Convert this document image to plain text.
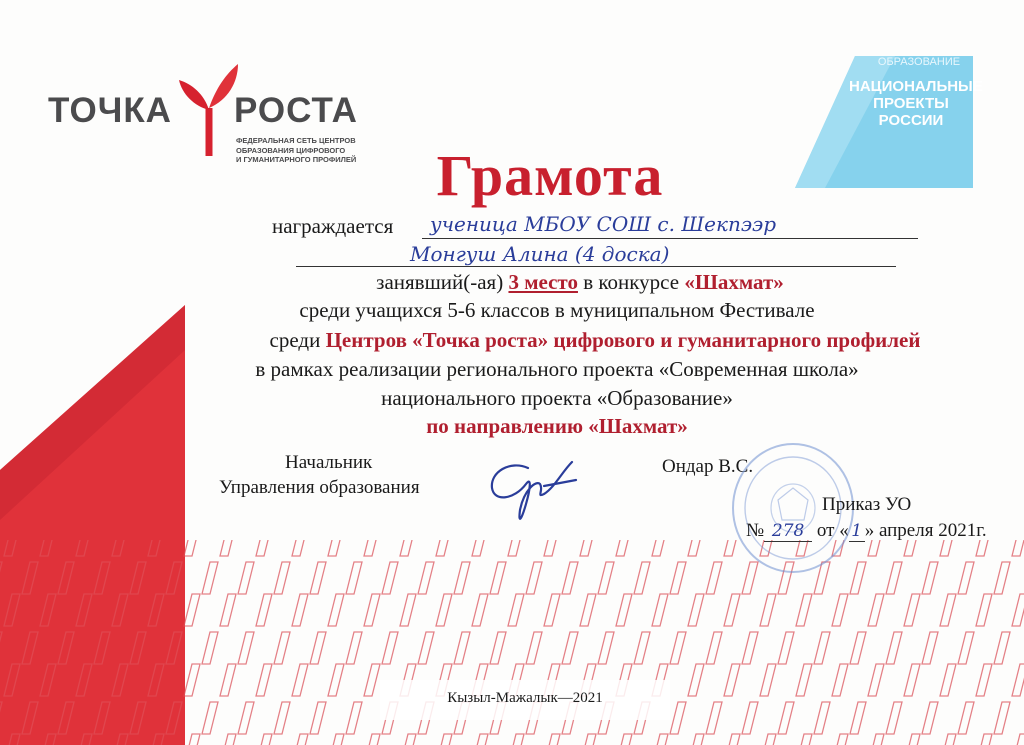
ТОЧКА РОСТА
ФЕДЕРАЛЬНАЯ СЕТЬ ЦЕНТРОВ
ОБРАЗОВАНИЯ ЦИФРОВОГО
И ГУМАНИТАРНОГО ПРОФИЛЕЙ
ОБРАЗОВАНИЕ
НАЦИОНАЛЬНЫЕ
ПРОЕКТЫ
РОССИИ
Грамота
награждается ученица МБОУ СОШ с. Шекпээр
Монгуш Алина (4 доска)
занявший(-ая) 3 место в конкурсе «Шахмат»
среди учащихся 5-6 классов в муниципальном Фестивале
среди Центров «Точка роста» цифрового и гуманитарного профилей
в рамках реализации регионального проекта «Современная школа»
национального проекта «Образование»
по направлению «Шахмат»
Начальник
Управления образования
Ондар В.С.
Приказ УО
№ 278 от « 1 » апреля 2021г.
Кызыл-Мажалык—2021
